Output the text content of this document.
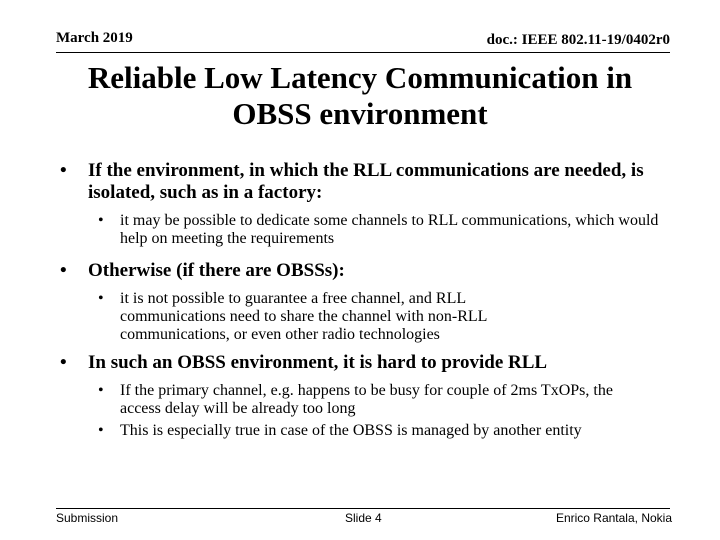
March 2019	doc.: IEEE 802.11-19/0402r0
Reliable Low Latency Communication in
OBSS environment
• If the environment, in which the RLL communications are needed, is isolated, such as in a factory:
• it may be possible to dedicate some channels to RLL communications, which would help on meeting the requirements
• Otherwise (if there are OBSSs):
• it is not possible to guarantee a free channel, and RLL communications need to share the channel with non-RLL communications, or even other radio technologies
• In such an OBSS environment, it is hard to provide RLL
• If the primary channel, e.g. happens to be busy for couple of 2ms TxOPs, the access delay will be already too long
• This is especially true in case of the OBSS is managed by another entity
Submission	Slide 4	Enrico Rantala, Nokia
